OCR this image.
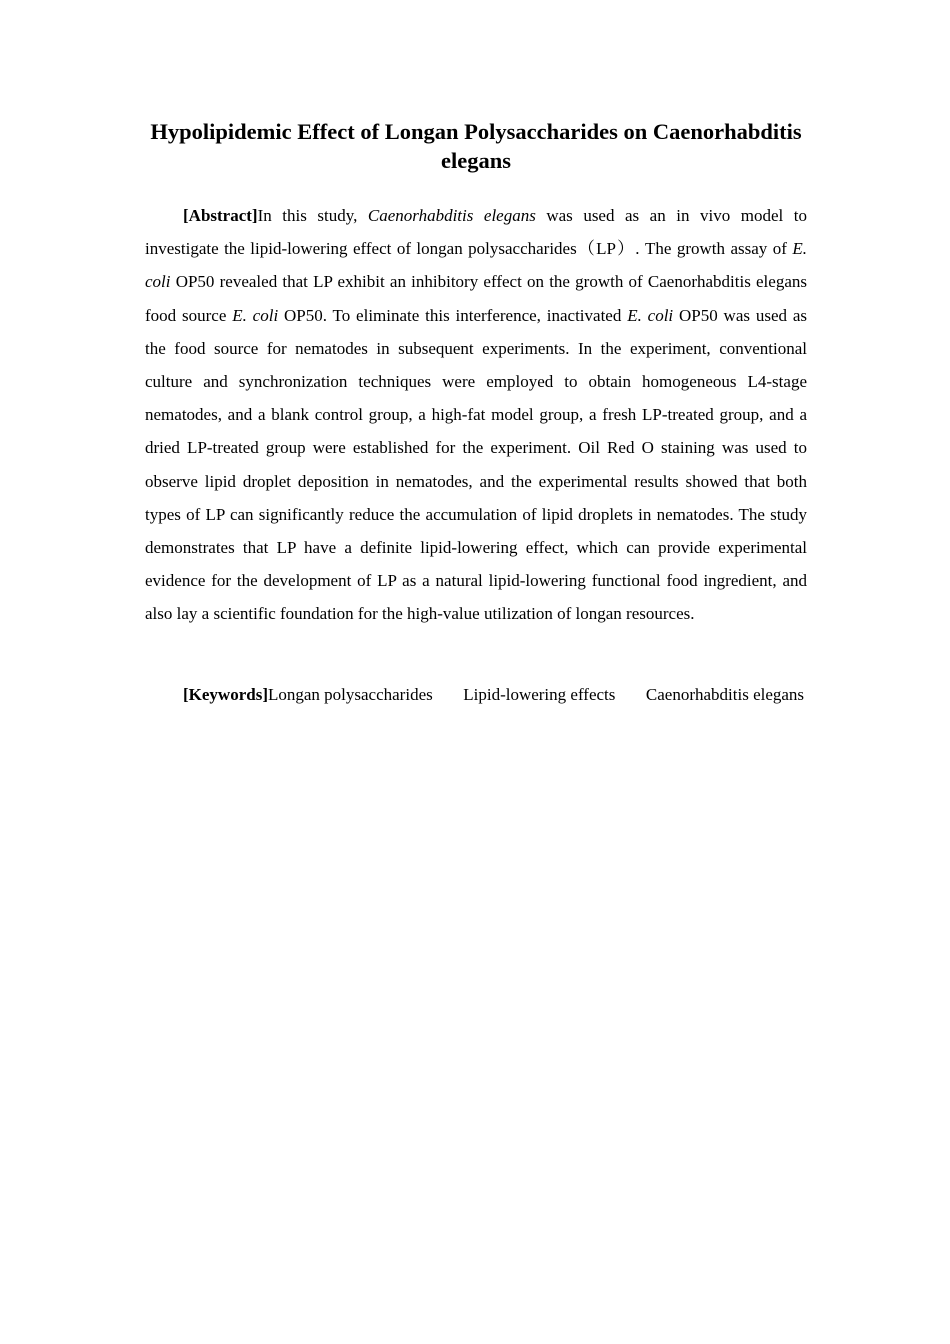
Hypolipidemic Effect of Longan Polysaccharides on Caenorhabditis elegans

[Abstract]In this study, Caenorhabditis elegans was used as an in vivo model to investigate the lipid-lowering effect of longan polysaccharides（LP）. The growth assay of E. coli OP50 revealed that LP exhibit an inhibitory effect on the growth of Caenorhabditis elegans food source E. coli OP50. To eliminate this interference, inactivated E. coli OP50 was used as the food source for nematodes in subsequent experiments. In the experiment, conventional culture and synchronization techniques were employed to obtain homogeneous L4-stage nematodes, and a blank control group, a high-fat model group, a fresh LP-treated group, and a dried LP-treated group were established for the experiment. Oil Red O staining was used to observe lipid droplet deposition in nematodes, and the experimental results showed that both types of LP can significantly reduce the accumulation of lipid droplets in nematodes. The study demonstrates that LP have a definite lipid-lowering effect, which can provide experimental evidence for the development of LP as a natural lipid-lowering functional food ingredient, and also lay a scientific foundation for the high-value utilization of longan resources.

[Keywords]Longan polysaccharides Lipid-lowering effects Caenorhabditis elegans
